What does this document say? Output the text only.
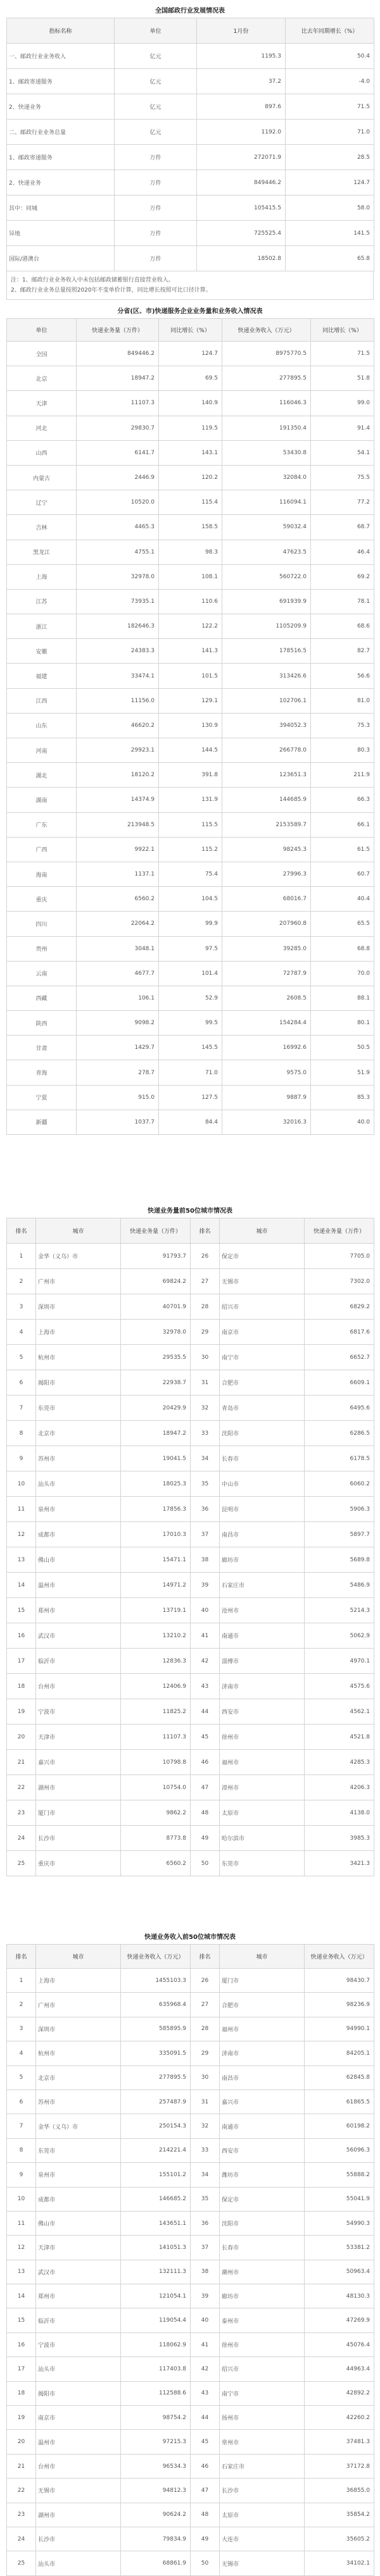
全国邮政行业发展情况表
指标名称	单位	1月份	比去年同期增长（%）
一、邮政行业业务收入	亿元	1195.3	50.4
1、邮政寄递服务	亿元	37.2	-4.0
2、快递业务	亿元	897.6	71.5
二、邮政行业业务总量	亿元	1192.0	71.0
1、邮政寄递服务	万件	272071.9	28.5
2、快递业务	万件	849446.2	124.7
其中：同城	万件	105415.5	58.0
异地	万件	725525.4	141.5
国际/港澳台	万件	18502.8	65.8
注：1、邮政行业业务收入中未包括邮政储蓄银行直接营业收入。
2、邮政行业业务总量按照2020年不变单价计算，同比增长按照可比口径计算。
分省(区、市)快递服务企业业务量和业务收入情况表
单位	快递业务量（万件）	同比增长（%）	快递业务收入（万元）	同比增长（%）
全国	849446.2	124.7	8975770.5	71.5
北京	18947.2	69.5	277895.5	51.8
天津	11107.3	140.9	116046.3	99.0
河北	29830.7	119.5	191350.4	91.4
山西	6141.7	143.1	53430.8	54.1
内蒙古	2446.9	120.2	32084.0	75.5
辽宁	10520.0	115.4	116094.1	77.2
吉林	4465.3	158.5	59032.4	68.7
黑龙江	4755.1	98.3	47623.5	46.4
上海	32978.0	108.1	560722.0	69.2
江苏	73935.1	110.6	691939.9	78.1
浙江	182646.3	122.2	1105209.9	68.6
安徽	24383.3	141.3	178516.5	82.7
福建	33474.1	101.5	313426.6	56.6
江西	11156.0	129.1	102706.1	81.0
山东	46620.2	130.9	394052.3	75.3
河南	29923.1	144.5	266778.0	80.3
湖北	18120.2	391.8	123651.3	211.9
湖南	14374.9	131.9	144685.9	66.3
广东	213948.5	115.5	2153589.7	66.1
广西	9922.1	115.2	98245.3	61.5
海南	1137.1	75.4	27996.3	60.7
重庆	6560.2	104.5	68016.7	40.4
四川	22064.2	99.9	207960.8	65.5
贵州	3048.1	97.5	39285.0	68.8
云南	4677.7	101.4	72787.9	70.0
西藏	106.1	52.9	2608.5	88.1
陕西	9098.2	99.5	154284.4	80.1
甘肃	1429.7	145.5	16992.6	50.5
青海	278.7	71.0	9575.0	51.9
宁夏	915.0	127.5	9887.9	85.3
新疆	1037.7	84.4	32016.3	40.0
快递业务量前50位城市情况表
排名	城市	快递业务量（万件）	排名	城市	快递业务量（万件）
1	金华（义乌）市	91793.7	26	保定市	7705.0
2	广州市	69824.2	27	无锡市	7302.0
3	深圳市	40701.9	28	绍兴市	6829.2
4	上海市	32978.0	29	南京市	6817.6
5	杭州市	29535.5	30	南宁市	6652.7
6	揭阳市	22938.7	31	合肥市	6609.1
7	东莞市	20429.9	32	青岛市	6495.6
8	北京市	18947.2	33	沈阳市	6286.5
9	苏州市	19041.5	34	长春市	6178.5
10	汕头市	18025.3	35	中山市	6060.2
11	泉州市	17856.3	36	昆明市	5906.3
12	成都市	17010.3	37	南昌市	5897.7
13	佛山市	15471.1	38	廊坊市	5689.8
14	温州市	14971.2	39	石家庄市	5486.9
15	郑州市	13719.1	40	沧州市	5214.3
16	武汉市	13210.2	41	南通市	5062.9
17	临沂市	12836.3	42	淄博市	4970.1
18	台州市	12406.9	43	济南市	4575.6
19	宁波市	11825.2	44	西安市	4562.1
20	天津市	11107.3	45	徐州市	4521.8
21	嘉兴市	10798.8	46	福州市	4285.3
22	湖州市	10754.0	47	漳州市	4206.3
23	厦门市	9862.2	48	太原市	4138.0
24	长沙市	8773.8	49	哈尔滨市	3985.3
25	重庆市	6560.2	50	东莞市	3421.3
快递业务收入前50位城市情况表
排名	城市	快递业务收入（万元）	排名	城市	快递业务收入（万元）
1	上海市	1455103.3	26	厦门市	98430.7
2	广州市	635968.4	27	合肥市	98236.9
3	深圳市	585895.9	28	福州市	94990.1
4	杭州市	335091.5	29	济南市	84205.1
5	北京市	277895.5	30	南昌市	62845.8
6	苏州市	257487.9	31	嘉兴市	61865.5
7	金华（义乌）市	250154.3	32	南通市	60198.2
8	东莞市	214221.4	33	西安市	56096.3
9	泉州市	155101.2	34	潍坊市	55888.2
10	成都市	146685.2	35	保定市	55041.9
11	佛山市	143651.1	36	沈阳市	54990.3
12	天津市	141051.3	37	长春市	53381.2
13	武汉市	132111.3	38	潮州市	50963.4
14	郑州市	121054.1	39	廊坊市	48130.3
15	临沂市	119054.4	40	泰州市	47269.9
16	宁波市	118062.9	41	徐州市	45076.4
17	汕头市	117403.8	42	绍兴市	44963.4
18	揭阳市	112588.6	43	南宁市	42892.2
19	南京市	98754.2	44	扬州市	42260.2
20	温州市	97215.3	45	常州市	37481.3
21	台州市	96534.3	46	石家庄市	37172.8
22	无锡市	94812.3	47	长沙市	36855.0
23	湖州市	90624.2	48	太原市	35854.2
24	长沙市	79834.9	49	大连市	35605.2
25	汕头市	68861.9	50	无锡市	34102.1
